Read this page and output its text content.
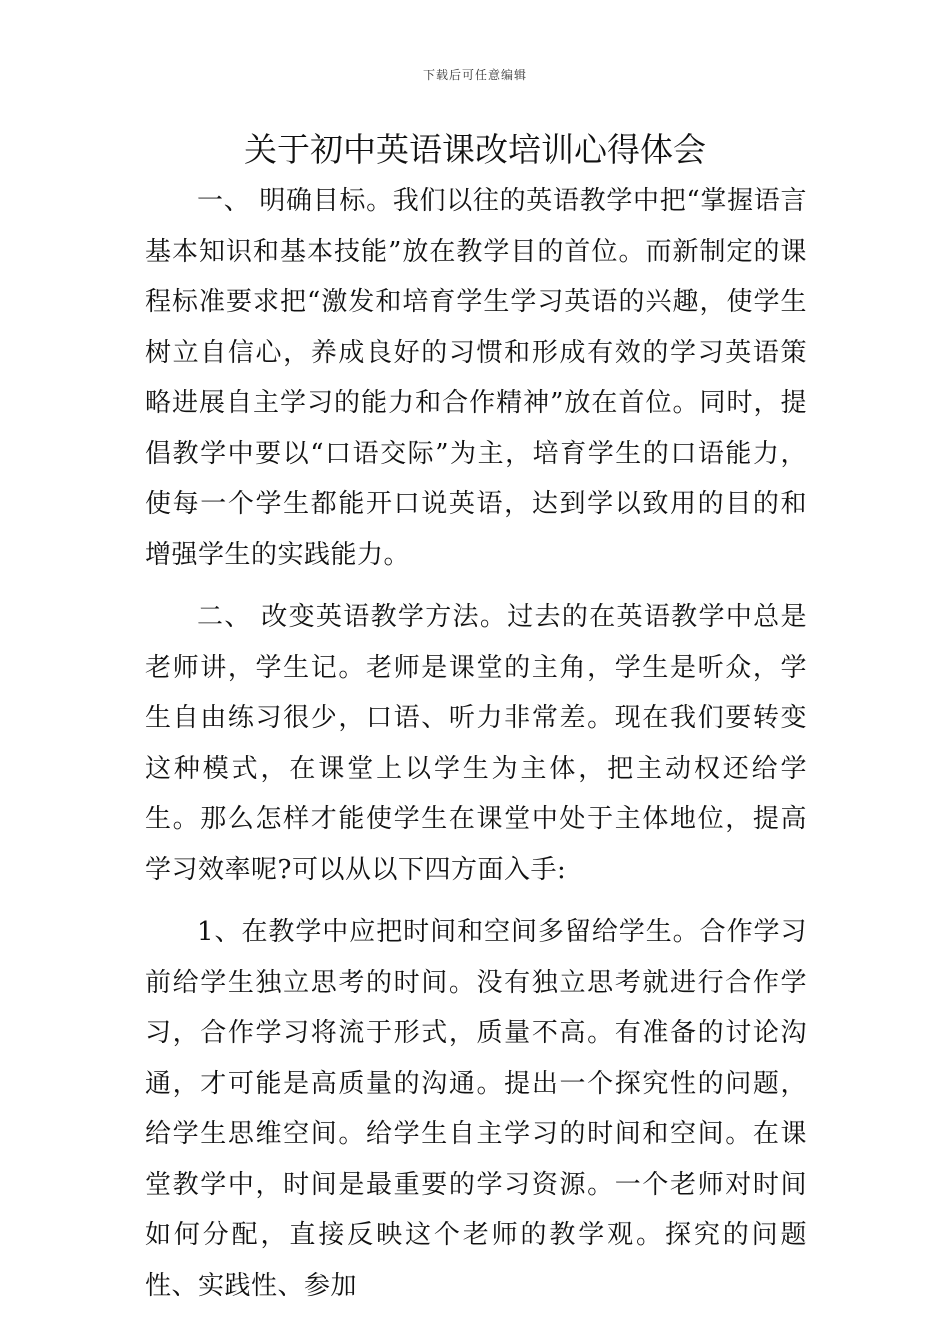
下载后可任意编辑
关于初中英语课改培训心得体会

一、 明确目标。我们以往的英语教学中把“掌握语言基本知识和基本技能”放在教学目的首位。而新制定的课程标准要求把“激发和培育学生学习英语的兴趣，使学生树立自信心，养成良好的习惯和形成有效的学习英语策略进展自主学习的能力和合作精神”放在首位。同时，提倡教学中要以“口语交际”为主，培育学生的口语能力，使每一个学生都能开口说英语，达到学以致用的目的和增强学生的实践能力。

二、 改变英语教学方法。过去的在英语教学中总是老师讲，学生记。老师是课堂的主角，学生是听众，学生自由练习很少，口语、听力非常差。现在我们要转变这种模式，在课堂上以学生为主体，把主动权还给学生。那么怎样才能使学生在课堂中处于主体地位，提高学习效率呢?可以从以下四方面入手:

1、在教学中应把时间和空间多留给学生。合作学习前给学生独立思考的时间。没有独立思考就进行合作学习，合作学习将流于形式，质量不高。有准备的讨论沟通，才可能是高质量的沟通。提出一个探究性的问题，给学生思维空间。给学生自主学习的时间和空间。在课堂教学中，时间是最重要的学习资源。一个老师对时间如何分配，直接反映这个老师的教学观。探究的问题性、实践性、参加
